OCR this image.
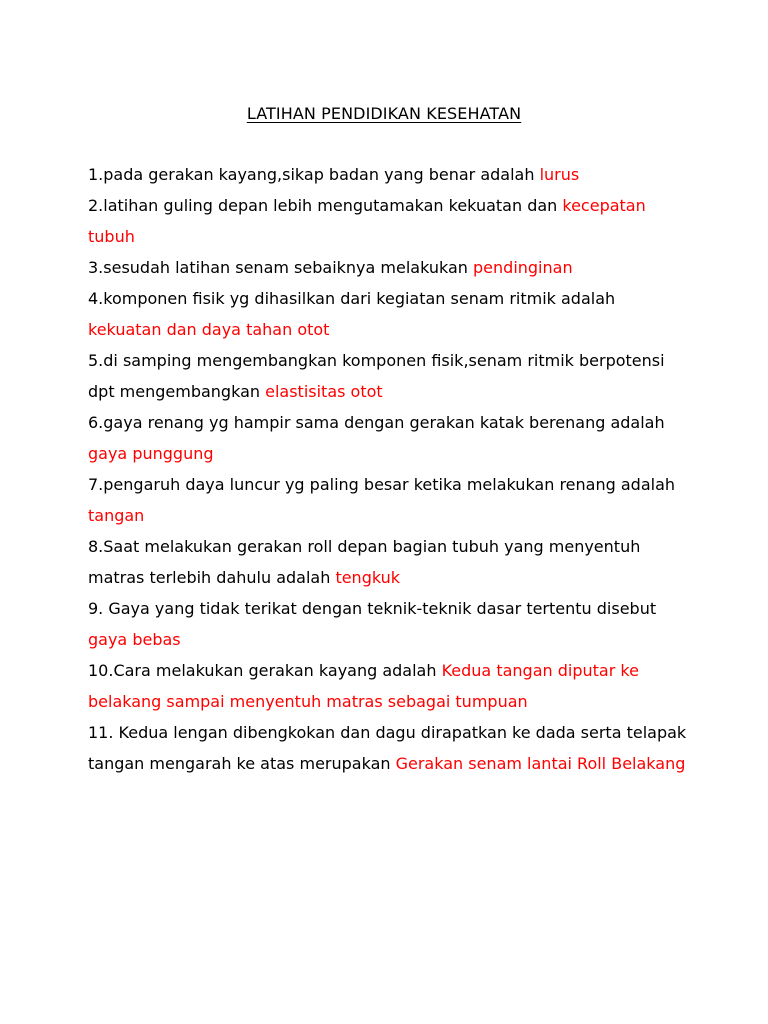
LATIHAN PENDIDIKAN KESEHATAN
1.pada gerakan kayang,sikap badan yang benar adalah lurus
2.latihan guling depan lebih mengutamakan kekuatan dan kecepatan tubuh
3.sesudah latihan senam sebaiknya melakukan pendinginan
4.komponen fisik yg dihasilkan dari kegiatan senam ritmik adalah kekuatan dan daya tahan otot
5.di samping mengembangkan komponen fisik,senam ritmik berpotensi dpt mengembangkan elastisitas otot
6.gaya renang yg hampir sama dengan gerakan katak berenang adalah gaya punggung
7.pengaruh daya luncur yg paling besar ketika melakukan renang adalah tangan
8.Saat melakukan gerakan roll depan bagian tubuh yang menyentuh matras terlebih dahulu adalah tengkuk
9. Gaya yang tidak terikat dengan teknik-teknik dasar tertentu disebut gaya bebas
10.Cara melakukan gerakan kayang adalah Kedua tangan diputar ke belakang sampai menyentuh matras sebagai tumpuan
11. Kedua lengan dibengkokan dan dagu dirapatkan ke dada serta telapak tangan mengarah ke atas merupakan Gerakan senam lantai Roll Belakang
